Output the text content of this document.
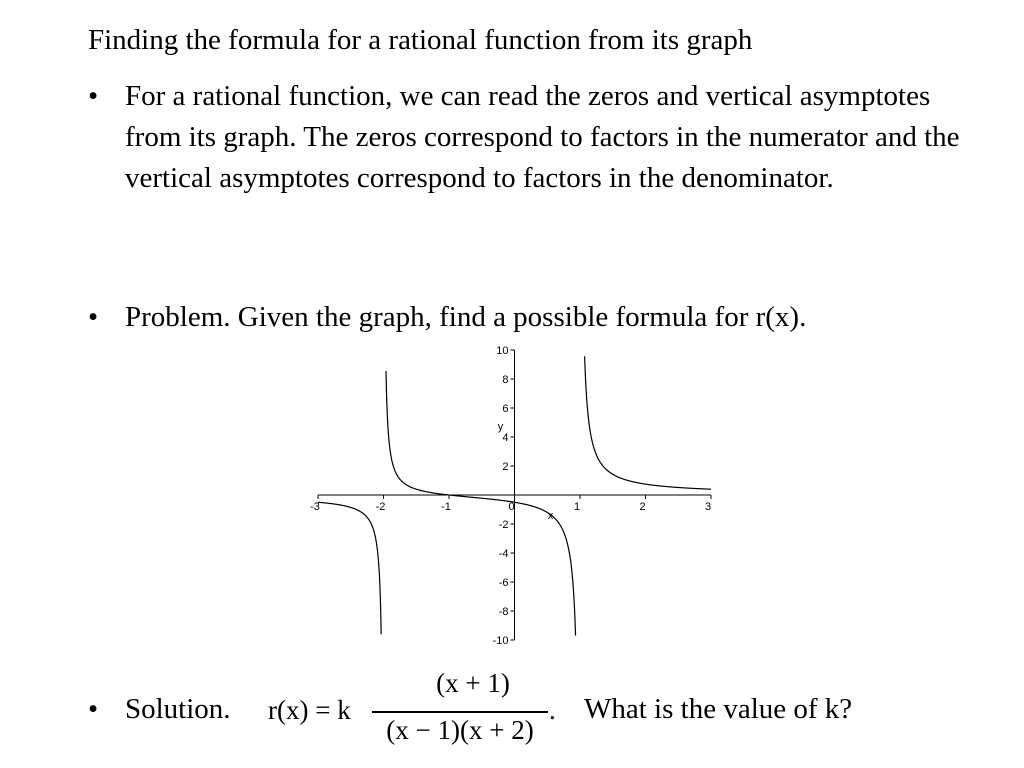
Finding the formula for a rational function from its graph
• For a rational function, we can read the zeros and vertical asymptotes from its graph. The zeros correspond to factors in the numerator and the vertical asymptotes correspond to factors in the denominator.
• Problem. Given the graph, find a possible formula for r(x).
-3	-2	-1	0	1	2	3
10
8
6
4
2
-2
-4
-6
-8
-10
x
y
• Solution. r(x) = k
(x + 1)
(x − 1)(x + 2)
. What is the value of k?
